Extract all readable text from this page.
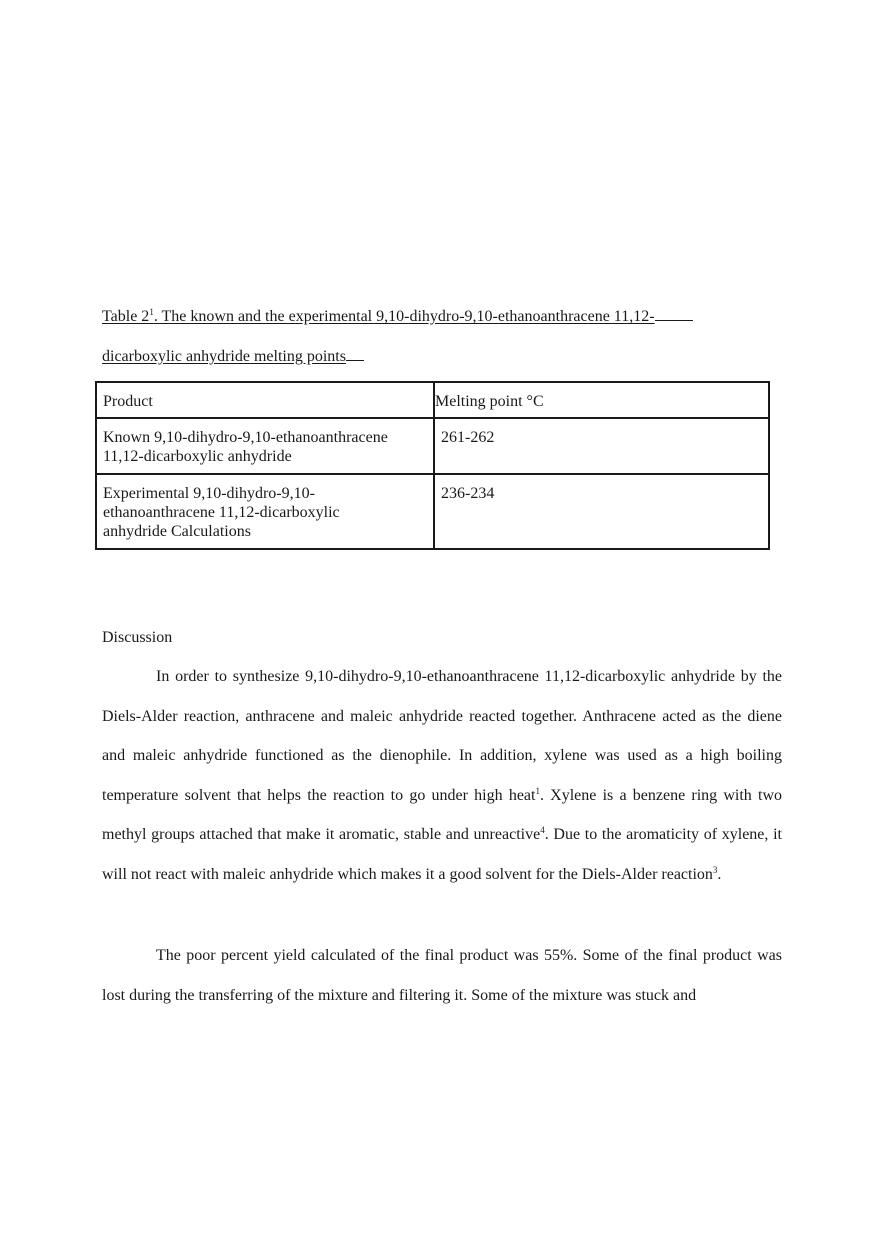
Table $2^1$. The known and the experimental 9,10-dihydro-9,10-ethanoanthracene 11,12-
dicarboxylic anhydride melting points
Product	Melting point °C

Known 9,10-dihydro-9,10-ethanoanthracene
11,12-dicarboxylic anhydride	261-262

Experimental 9,10-dihydro-9,10-
ethanoanthracene 11,12-dicarboxylic
anhydride Calculations	236-234
Discussion

In order to synthesize 9,10-dihydro-9,10-ethanoanthracene 11,12-dicarboxylic anhydride by the Diels-Alder reaction, anthracene and maleic anhydride reacted together. Anthracene acted as the diene and maleic anhydride functioned as the dienophile. In addition, xylene was used as a high boiling temperature solvent that helps the reaction to go under high heat$^1$. Xylene is a benzene ring with two methyl groups attached that make it aromatic, stable and unreactive$^4$. Due to the aromaticity of xylene, it will not react with maleic anhydride which makes it a good solvent for the Diels-Alder reaction$^3$.

The poor percent yield calculated of the final product was 55%. Some of the final product was lost during the transferring of the mixture and filtering it. Some of the mixture was stuck and
